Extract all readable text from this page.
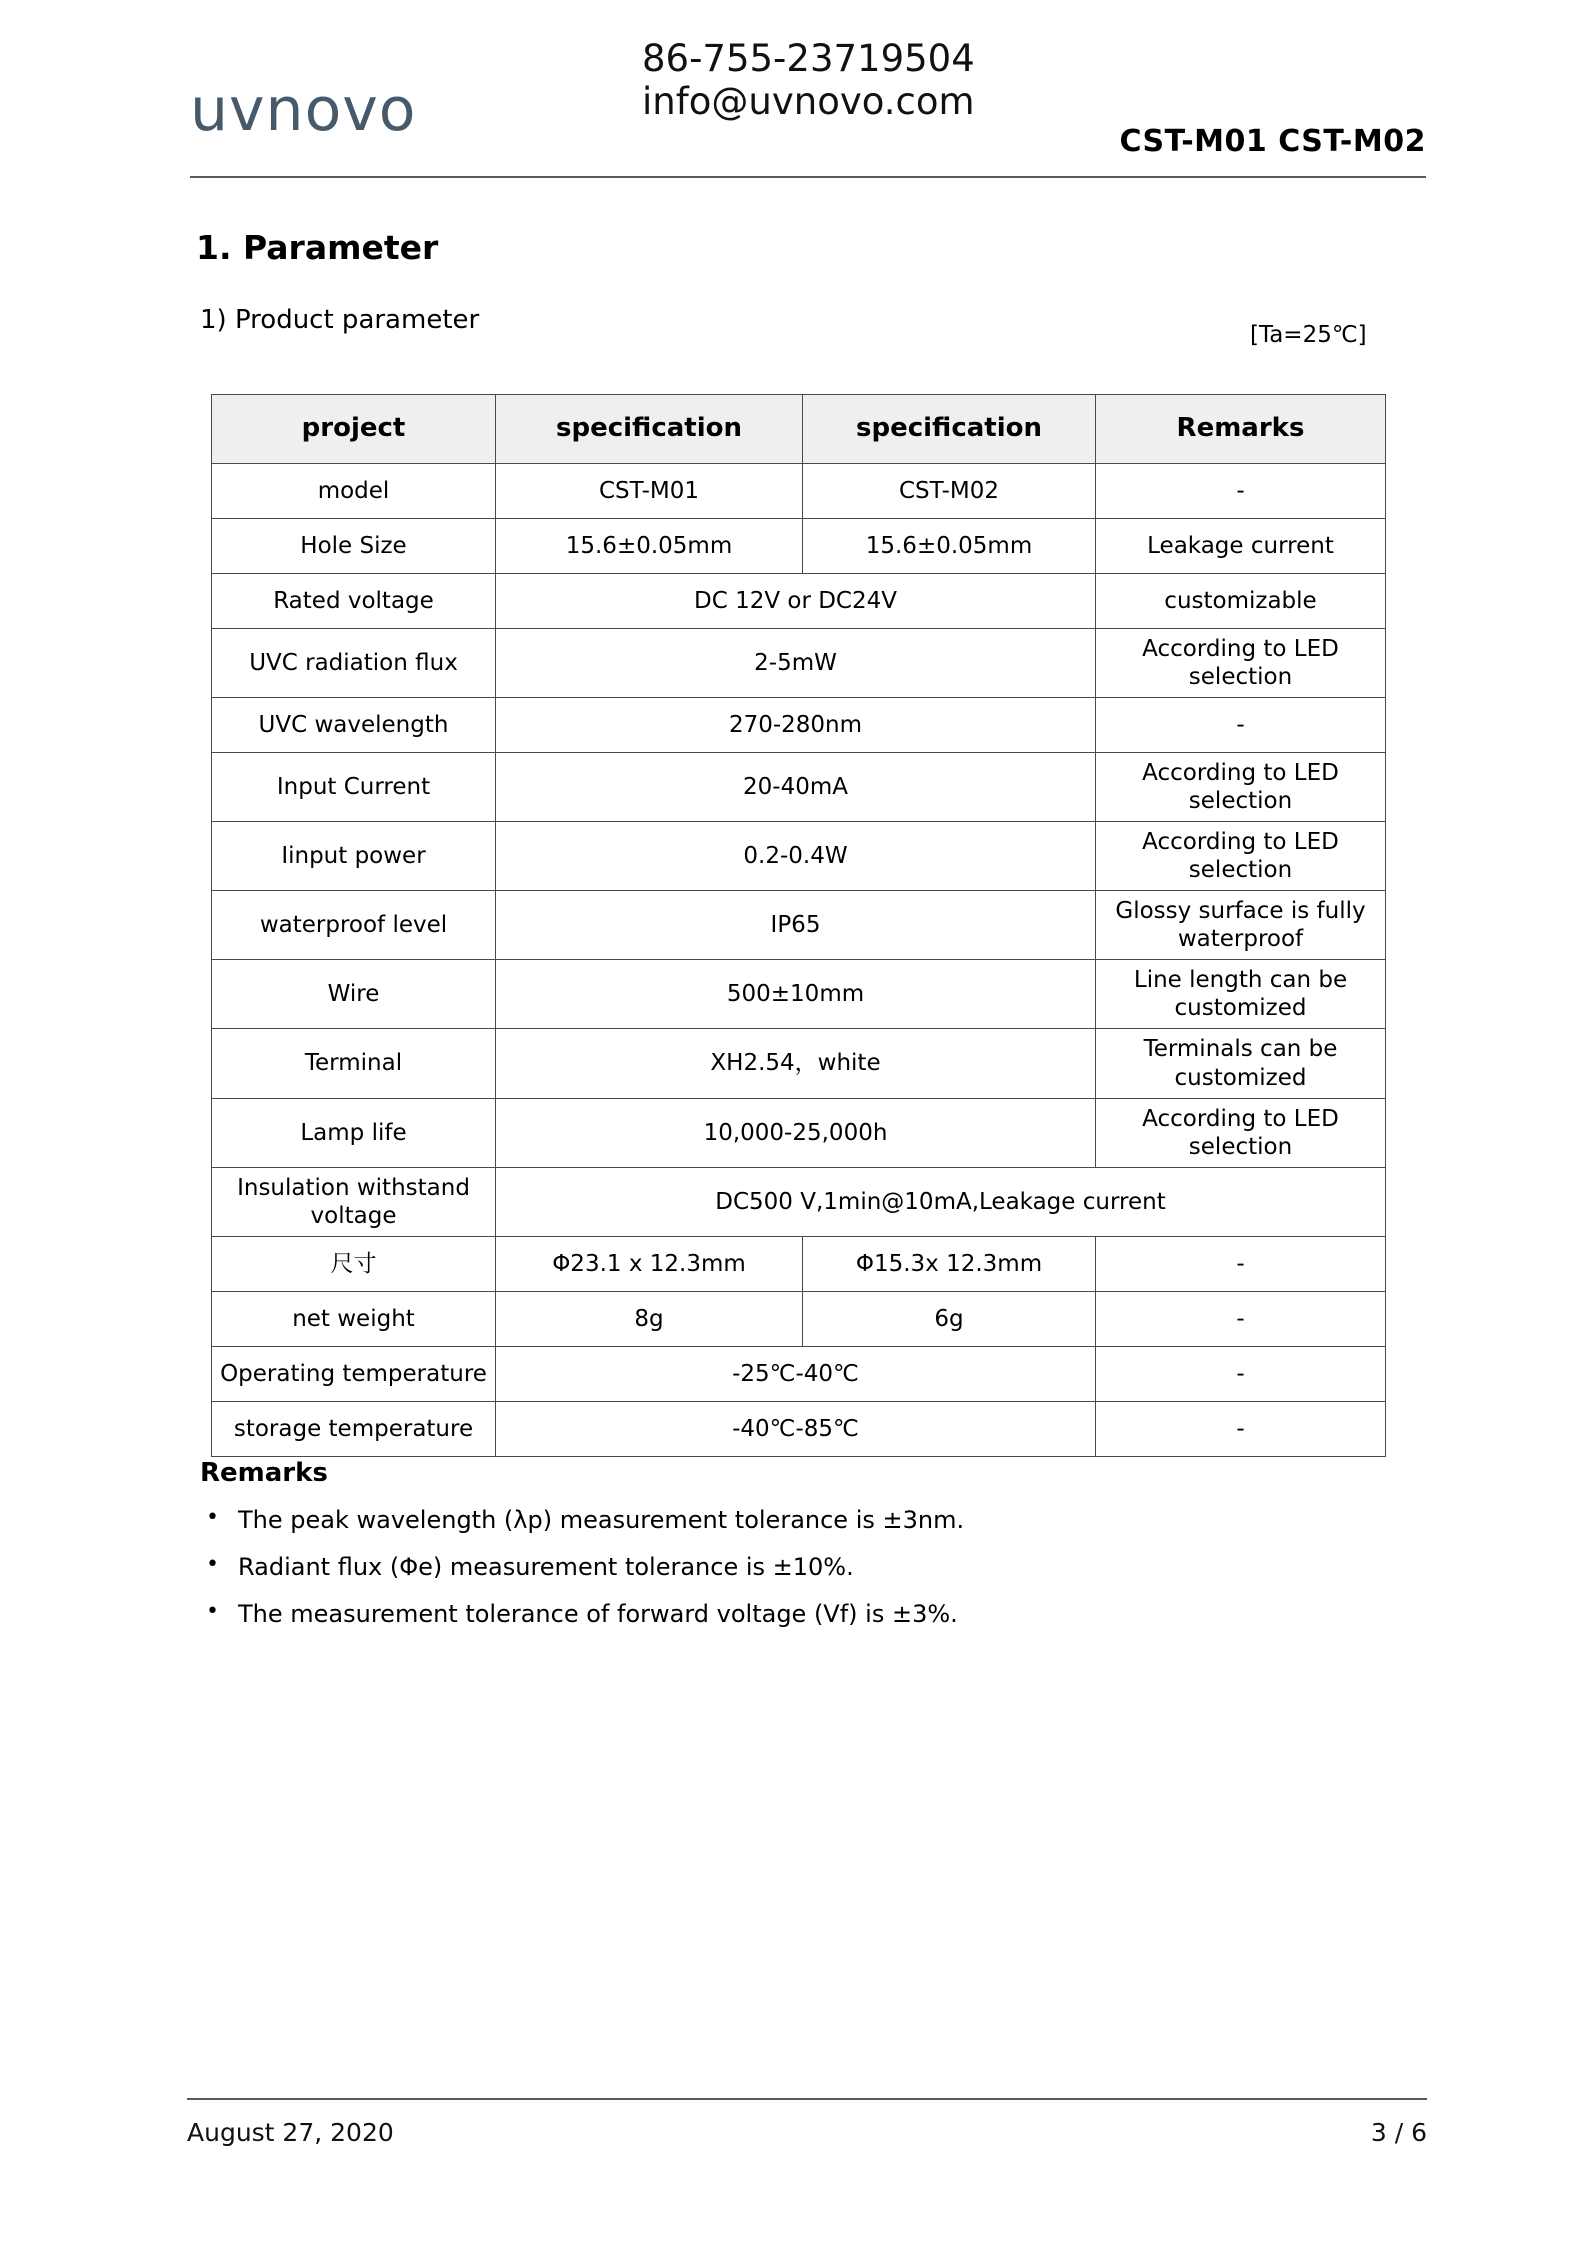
uvnovo
86-755-23719504
info@uvnovo.com
CST-M01 CST-M02
1. Parameter
1) Product parameter	[Ta=25℃]
project	specification	specification	Remarks
model	CST-M01	CST-M02	-
Hole Size	15.6±0.05mm	15.6±0.05mm	Leakage current
Rated voltage	DC 12V or DC24V		customizable
UVC radiation flux	2-5mW		According to LED selection
UVC wavelength	270-280nm		-
Input Current	20-40mA		According to LED selection
Iinput power	0.2-0.4W		According to LED selection
waterproof level	IP65		Glossy surface is fully waterproof
Wire	500±10mm		Line length can be customized
Terminal	XH2.54，white		Terminals can be customized
Lamp life	10,000-25,000h		According to LED selection
Insulation withstand voltage	DC500 V,1min@10mA,Leakage current		
尺寸	Φ23.1 x 12.3mm	Φ15.3x 12.3mm	-
net weight	8g	6g	-
Operating temperature	-25℃-40℃		-
storage temperature	-40℃-85℃		-
Remarks
• The peak wavelength (λp) measurement tolerance is ±3nm.
• Radiant flux (Φe) measurement tolerance is ±10%.
• The measurement tolerance of forward voltage (Vf) is ±3%.
August 27, 2020	3 / 6
